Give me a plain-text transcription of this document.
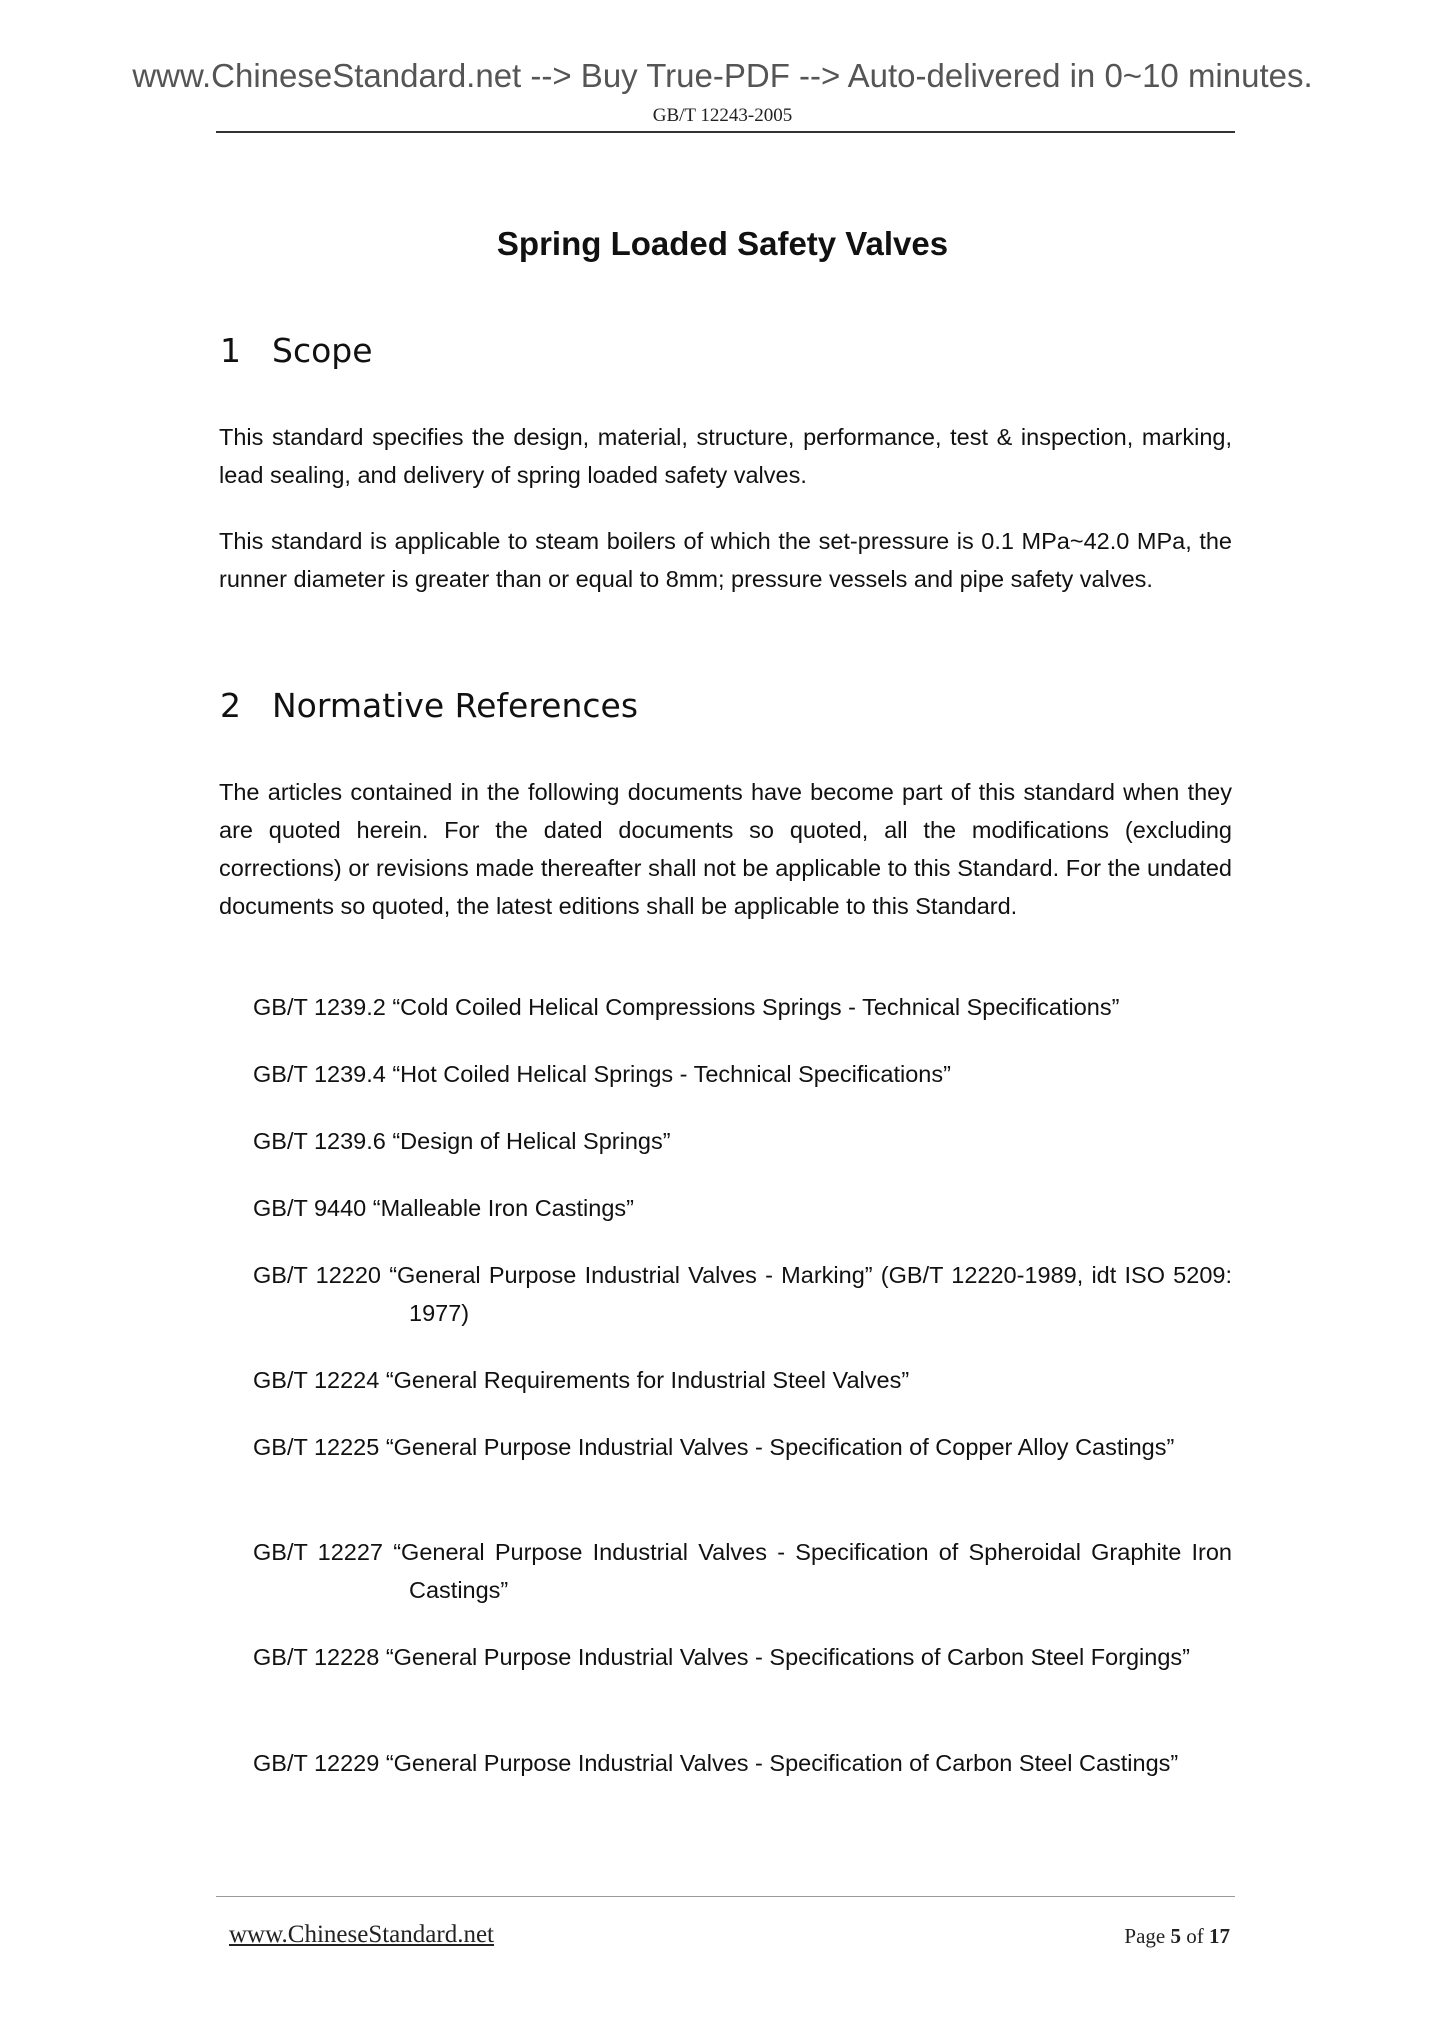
www.ChineseStandard.net --> Buy True-PDF --> Auto-delivered in 0~10 minutes.
GB/T 12243-2005
Spring Loaded Safety Valves
1 Scope

This standard specifies the design, material, structure, performance, test & inspection, marking, lead sealing, and delivery of spring loaded safety valves.

This standard is applicable to steam boilers of which the set-pressure is 0.1 MPa~42.0 MPa, the runner diameter is greater than or equal to 8mm; pressure vessels and pipe safety valves.

2 Normative References

The articles contained in the following documents have become part of this standard when they are quoted herein. For the dated documents so quoted, all the modifications (excluding corrections) or revisions made thereafter shall not be applicable to this Standard. For the undated documents so quoted, the latest editions shall be applicable to this Standard.

GB/T 1239.2 “Cold Coiled Helical Compressions Springs - Technical Specifications”
GB/T 1239.4 “Hot Coiled Helical Springs - Technical Specifications”
GB/T 1239.6 “Design of Helical Springs”
GB/T 9440 “Malleable Iron Castings”
GB/T 12220 “General Purpose Industrial Valves - Marking” (GB/T 12220-1989, idt ISO 5209: 1977)
GB/T 12224 “General Requirements for Industrial Steel Valves”
GB/T 12225 “General Purpose Industrial Valves - Specification of Copper Alloy Castings”
GB/T 12227 “General Purpose Industrial Valves - Specification of Spheroidal Graphite Iron Castings”
GB/T 12228 “General Purpose Industrial Valves - Specifications of Carbon Steel Forgings”
GB/T 12229 “General Purpose Industrial Valves - Specification of Carbon Steel Castings”
www.ChineseStandard.net	Page 5 of 17
